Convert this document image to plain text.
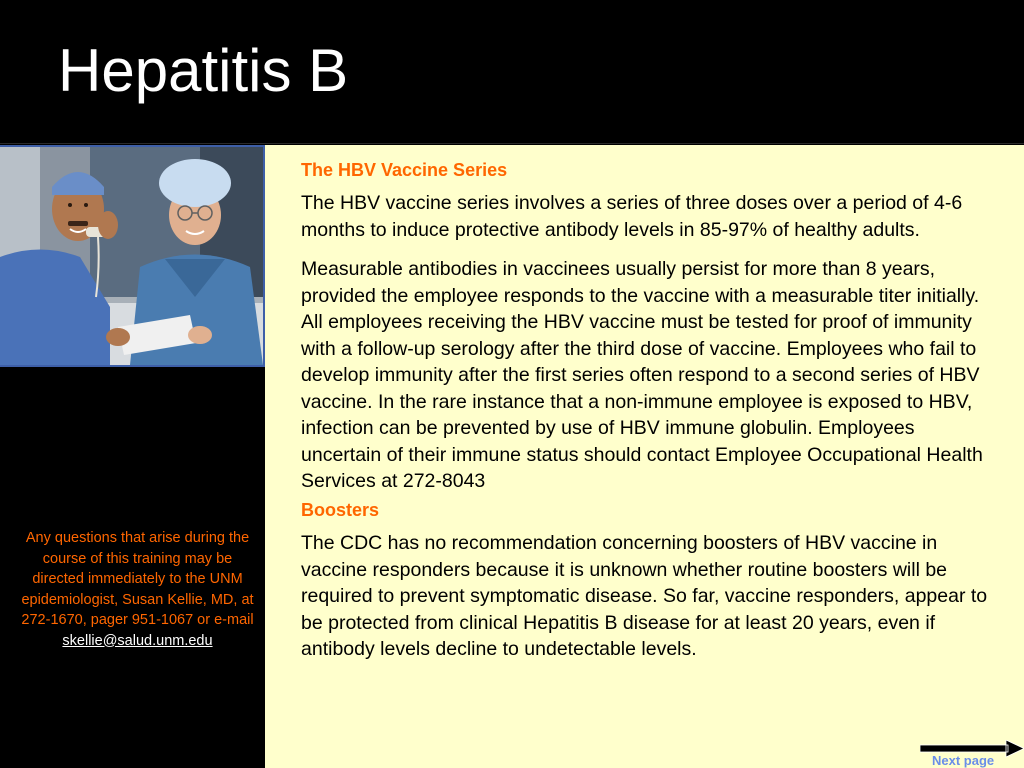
Hepatitis B
The HBV Vaccine Series

The HBV vaccine series involves a series of three doses over a period of 4-6 months to induce protective antibody levels in 85-97% of healthy adults.

Measurable antibodies in vaccinees usually persist for more than 8 years, provided the employee responds to the vaccine with a measurable titer initially. All employees receiving the HBV vaccine must be tested for proof of immunity with a follow-up serology after the third dose of vaccine. Employees who fail to develop immunity after the first series often respond to a second series of HBV vaccine. In the rare instance that a non-immune employee is exposed to HBV, infection can be prevented by use of HBV immune globulin. Employees uncertain of their immune status should contact Employee Occupational Health Services at 272-8043

Boosters

The CDC has no recommendation concerning boosters of HBV vaccine in vaccine responders because it is unknown whether routine boosters will be required to prevent symptomatic disease. So far, vaccine responders, appear to be protected from clinical Hepatitis B disease for at least 20 years, even if antibody levels decline to undetectable levels.

Any questions that arise during the course of this training may be directed immediately to the UNM epidemiologist, Susan Kellie, MD, at 272-1670, pager 951-1067 or e-mail
skellie@salud.unm.edu
Next page
